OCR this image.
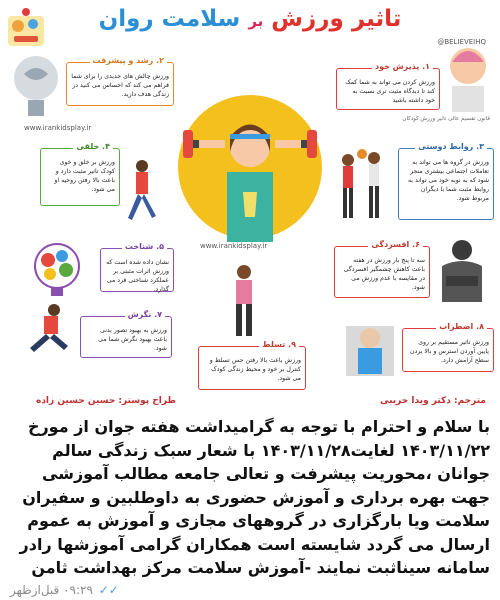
تاثیر ورزش بر سلامت روان
@BELIEVEIHQ
www.irankidsplay.ir
۱. پذیرش خود
ورزش کردن می تواند به شما کمک کند تا دیدگاه مثبت تری نسبت به خود داشته باشید
قانون تقسیم عالی تاثیر ورزش کودکان
۲. رشد و پیشرفت
ورزش چالش های جدیدی را برای شما فراهم می کند که احساس می کنید در زندگی هدف دارید.
www.irankidsplay.ir
۳. روابط دوستی
ورزش در گروه ها می تواند به تعاملات اجتماعی بیشتری منجر شود که به نوبه خود می تواند به روابط مثبت شما با دیگران مربوط شود.
۴. خلقی
ورزش بر خلق و خوی کودک تاثیر مثبت دارد و باعث بالا رفتن روحیه او می شود.
۵. شناخت
نشان داده شده است که ورزش اثرات مثبتی بر عملکرد شناختی فرد می گذارد.
۶. افسردگی
سه تا پنج بار ورزش در هفته باعث کاهش چشمگیر افسردگی در مقایسه با عدم ورزش می شود.
۷. نگرش
ورزش به بهبود تصور بدنی باعث بهبود نگرش شما می شود.
۸. اضطراب
ورزش تاثیر مستقیم بر روی پایین آوردن استرس و بالا بردن سطح آرامش دارد.
۹. تسلط
ورزش باعث بالا رفتن حس تسلط و کنترل بر خود و محیط زندگی کودک می شود.
طراح پوستر: حسین حسین زاده	مترجم: دکتر ویدا حریبی
با سلام و احترام با توجه به گرامیداشت هفته جوان از مورخ ۱۴۰۳/۱۱/۲۲ لغایت۱۴۰۳/۱۱/۲۸ با شعار سبک زندگی سالم جوانان ،محوریت پیشرفت و تعالی جامعه مطالب آموزشی جهت بهره برداری و آموزش حضوری به داوطلبین و سفیران سلامت ویا بارگزاری در گروههای مجازی و آموزش به عموم ارسال می گردد شایسته است همکاران گرامی آموزشها رادر سامانه سیناثبت نمایند -آموزش سلامت مرکز بهداشت ثامن
✓✓ ۰۹:۲۹ قبل‌ازظهر
